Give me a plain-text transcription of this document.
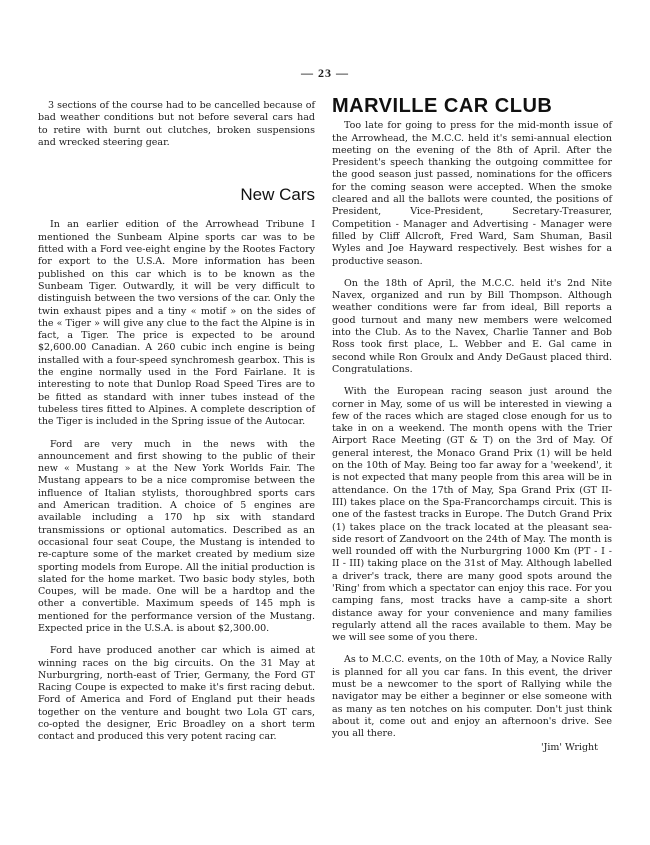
— 23 —

3 sections of the course had to be cancelled because of bad weather conditions but not before several cars had to retire with burnt out clutches, broken suspensions and wrecked steering gear.

New Cars

In an earlier edition of the Arrowhead Tribune I mentioned the Sunbeam Alpine sports car was to be fitted with a Ford vee-eight engine by the Rootes Factory for export to the U.S.A. More information has been published on this car which is to be known as the Sunbeam Tiger. Outwardly, it will be very difficult to distinguish between the two versions of the car. Only the twin exhaust pipes and a tiny « motif » on the sides of the « Tiger » will give any clue to the fact the Alpine is in fact, a Tiger. The price is expected to be around $2,600.00 Canadian. A 260 cubic inch engine is being installed with a four-speed synchromesh gearbox. This is the engine normally used in the Ford Fairlane. It is interesting to note that Dunlop Road Speed Tires are to be fitted as standard with inner tubes instead of the tubeless tires fitted to Alpines. A complete description of the Tiger is included in the Spring issue of the Autocar.

Ford are very much in the news with the announcement and first showing to the public of their new « Mustang » at the New York Worlds Fair. The Mustang appears to be a nice compromise between the influence of Italian stylists, thoroughbred sports cars and American tradition. A choice of 5 engines are available including a 170 hp six with standard transmissions or optional automatics. Described as an occasional four seat Coupe, the Mustang is intended to re-capture some of the market created by medium size sporting models from Europe. All the initial production is slated for the home market. Two basic body styles, both Coupes, will be made. One will be a hardtop and the other a convertible. Maximum speeds of 145 mph is mentioned for the performance version of the Mustang. Expected price in the U.S.A. is about $2,300.00.

Ford have produced another car which is aimed at winning races on the big circuits. On the 31 May at Nurburgring, north-east of Trier, Germany, the Ford GT Racing Coupe is expected to make it's first racing debut. Ford of America and Ford of England put their heads together on the venture and bought two Lola GT cars, co-opted the designer, Eric Broadley on a short term contact and produced this very potent racing car.

MARVILLE CAR CLUB

Too late for going to press for the mid-month issue of the Arrowhead, the M.C.C. held it's semi-annual election meeting on the evening of the 8th of April. After the President's speech thanking the outgoing committee for the good season just passed, nominations for the officers for the coming season were accepted. When the smoke cleared and all the ballots were counted, the positions of President, Vice-President, Secretary-Treasurer, Competition - Manager and Advertising - Manager were filled by Cliff Allcroft, Fred Ward, Sam Shuman, Basil Wyles and Joe Hayward respectively. Best wishes for a productive season.

On the 18th of April, the M.C.C. held it's 2nd Nite Navex, organized and run by Bill Thompson. Although weather conditions were far from ideal, Bill reports a good turnout and many new members were welcomed into the Club. As to the Navex, Charlie Tanner and Bob Ross took first place, L. Webber and E. Gal came in second while Ron Groulx and Andy DeGaust placed third. Congratulations.

With the European racing season just around the corner in May, some of us will be interested in viewing a few of the races which are staged close enough for us to take in on a weekend. The month opens with the Trier Airport Race Meeting (GT & T) on the 3rd of May. Of general interest, the Monaco Grand Prix (1) will be held on the 10th of May. Being too far away for a 'weekend', it is not expected that many people from this area will be in attendance. On the 17th of May, Spa Grand Prix (GT II-III) takes place on the Spa-Francorchamps circuit. This is one of the fastest tracks in Europe. The Dutch Grand Prix (1) takes place on the track located at the pleasant sea-side resort of Zandvoort on the 24th of May. The month is well rounded off with the Nurburgring 1000 Km (PT - I - II - III) taking place on the 31st of May. Although labelled a driver's track, there are many good spots around the 'Ring' from which a spectator can enjoy this race. For you camping fans, most tracks have a camp-site a short distance away for your convenience and many families regularly attend all the races available to them. May be we will see some of you there.

As to M.C.C. events, on the 10th of May, a Novice Rally is planned for all you car fans. In this event, the driver must be a newcomer to the sport of Rallying while the navigator may be either a beginner or else someone with as many as ten notches on his computer. Don't just think about it, come out and enjoy an afternoon's drive. See you all there.

'Jim' Wright
